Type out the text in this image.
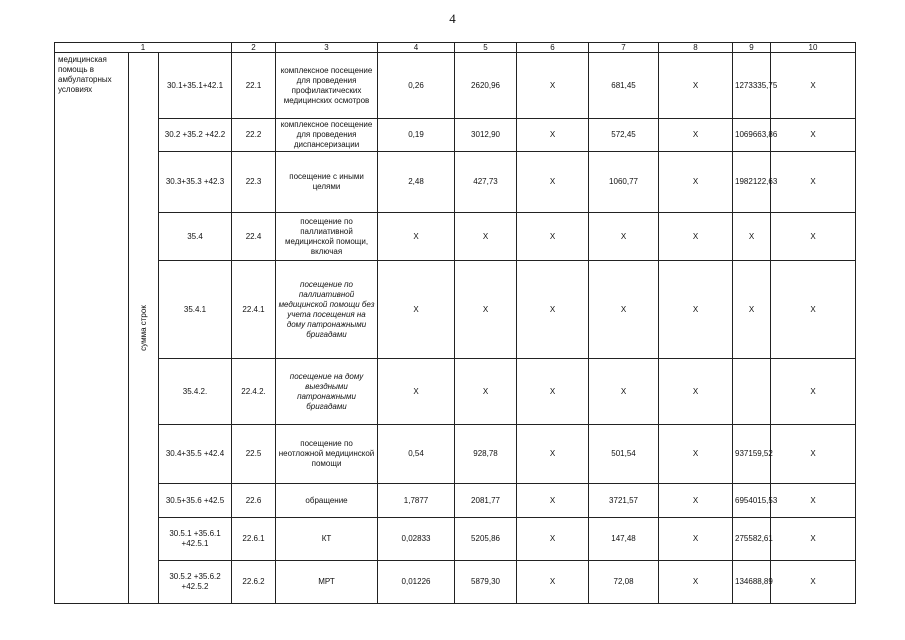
4
1			2	3	4	5	6	7	8	9	10
медицинская помощь в амбулаторных условиях	сумма строк	30.1+35.1+42.1	22.1	комплексное посещение для проведения профилактических медицинских осмотров	0,26	2620,96	X	681,45	X	1273335,75	X
		30.2 +35.2 +42.2	22.2	комплексное посещение для проведения диспансеризации	0,19	3012,90	X	572,45	X	1069663,86	X
		30.3+35.3 +42.3	22.3	посещение с иными целями	2,48	427,73	X	1060,77	X	1982122,63	X
		35.4	22.4	посещение по паллиативной медицинской помощи, включая	X	X	X	X	X	X	X
		35.4.1	22.4.1	посещение по паллиативной медицинской помощи без учета посещения на дому патронажными бригадами	X	X	X	X	X	X	X
		35.4.2.	22.4.2.	посещение на дому выездными патронажными бригадами	X	X	X	X	X		X
		30.4+35.5 +42.4	22.5	посещение по неотложной медицинской помощи	0,54	928,78	X	501,54	X	937159,52	X
		30.5+35.6 +42.5	22.6	обращение	1,7877	2081,77	X	3721,57	X	6954015,53	X
		30.5.1 +35.6.1 +42.5.1	22.6.1	КТ	0,02833	5205,86	X	147,48	X	275582,61	X
		30.5.2 +35.6.2 +42.5.2	22.6.2	МРТ	0,01226	5879,30	X	72,08	X	134688,89	X
